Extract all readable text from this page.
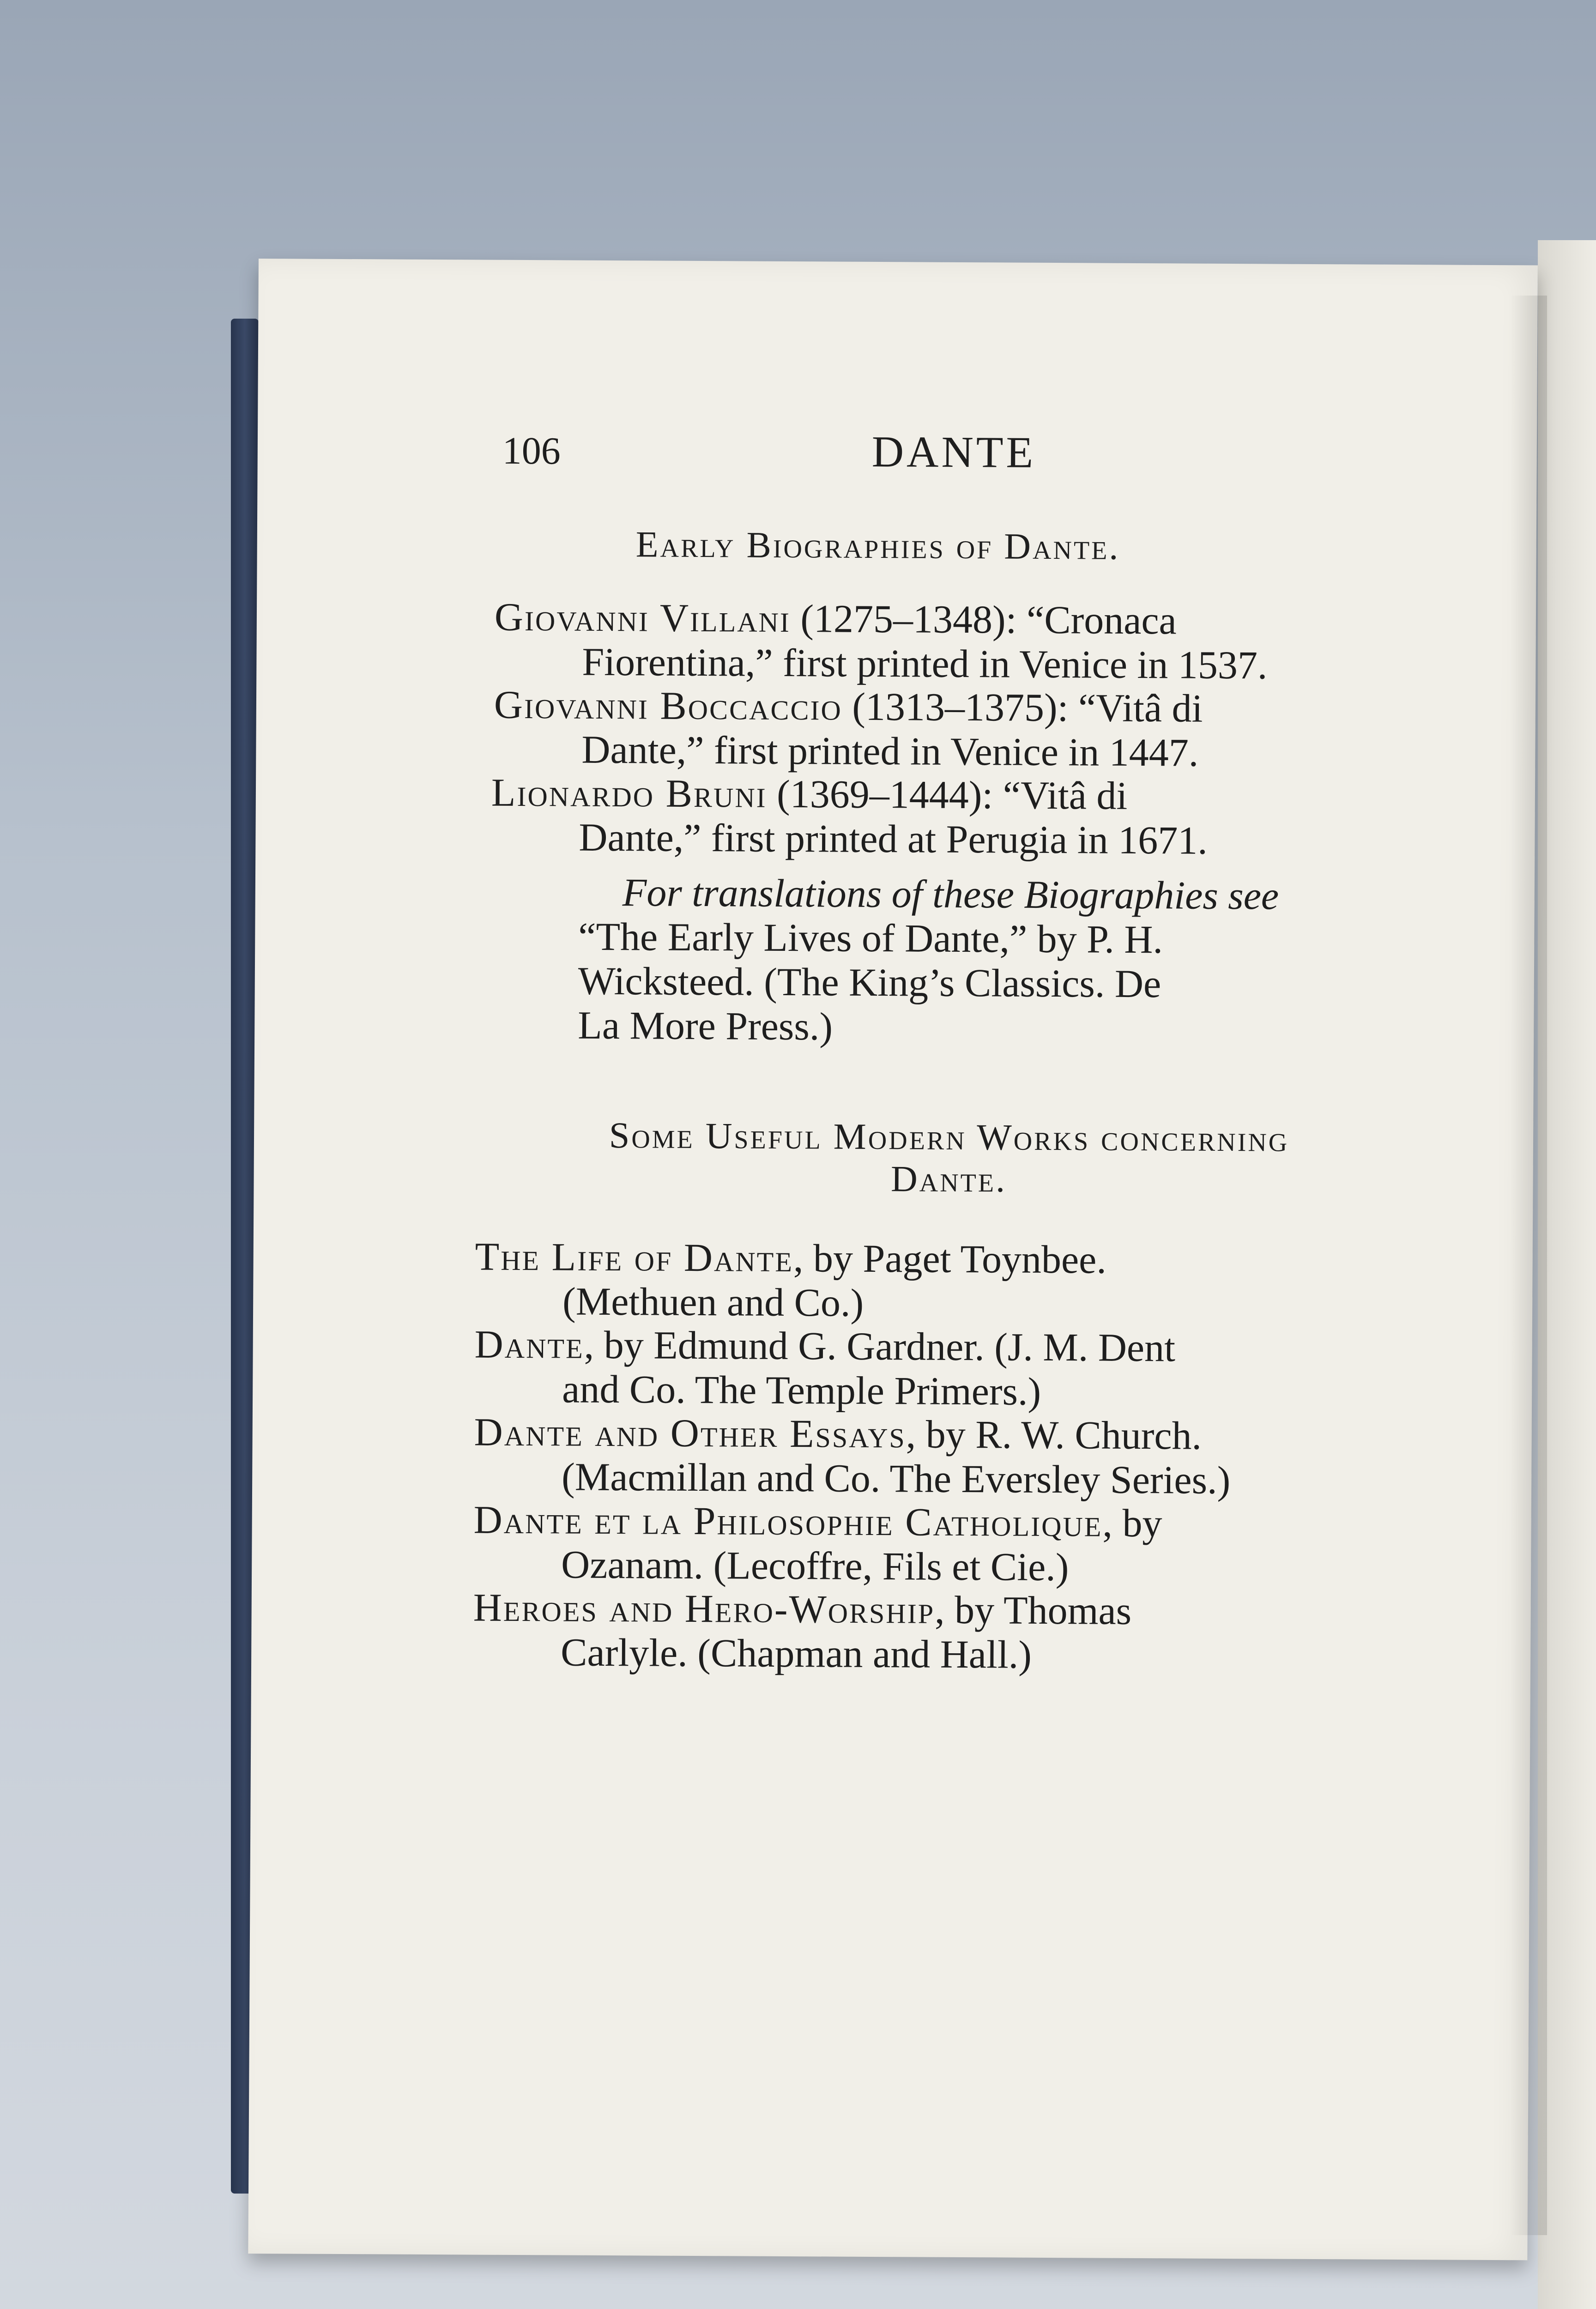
106	DANTE
Early Biographies of Dante.
Giovanni Villani (1275–1348): “Cronaca
Fiorentina,” first printed in Venice in 1537.
Giovanni Boccaccio (1313–1375): “Vitâ di
Dante,” first printed in Venice in 1447.
Lionardo Bruni (1369–1444): “Vitâ di
Dante,” first printed at Perugia in 1671.
For translations of these Biographies see
“The Early Lives of Dante,” by P. H.
Wicksteed. (The King’s Classics. De
La More Press.)
Some Useful Modern Works concerning
Dante.
The Life of Dante, by Paget Toynbee.
(Methuen and Co.)
Dante, by Edmund G. Gardner. (J. M. Dent
and Co. The Temple Primers.)
Dante and Other Essays, by R. W. Church.
(Macmillan and Co. The Eversley Series.)
Dante et la Philosophie Catholique, by
Ozanam. (Lecoffre, Fils et Cie.)
Heroes and Hero-Worship, by Thomas
Carlyle. (Chapman and Hall.)
